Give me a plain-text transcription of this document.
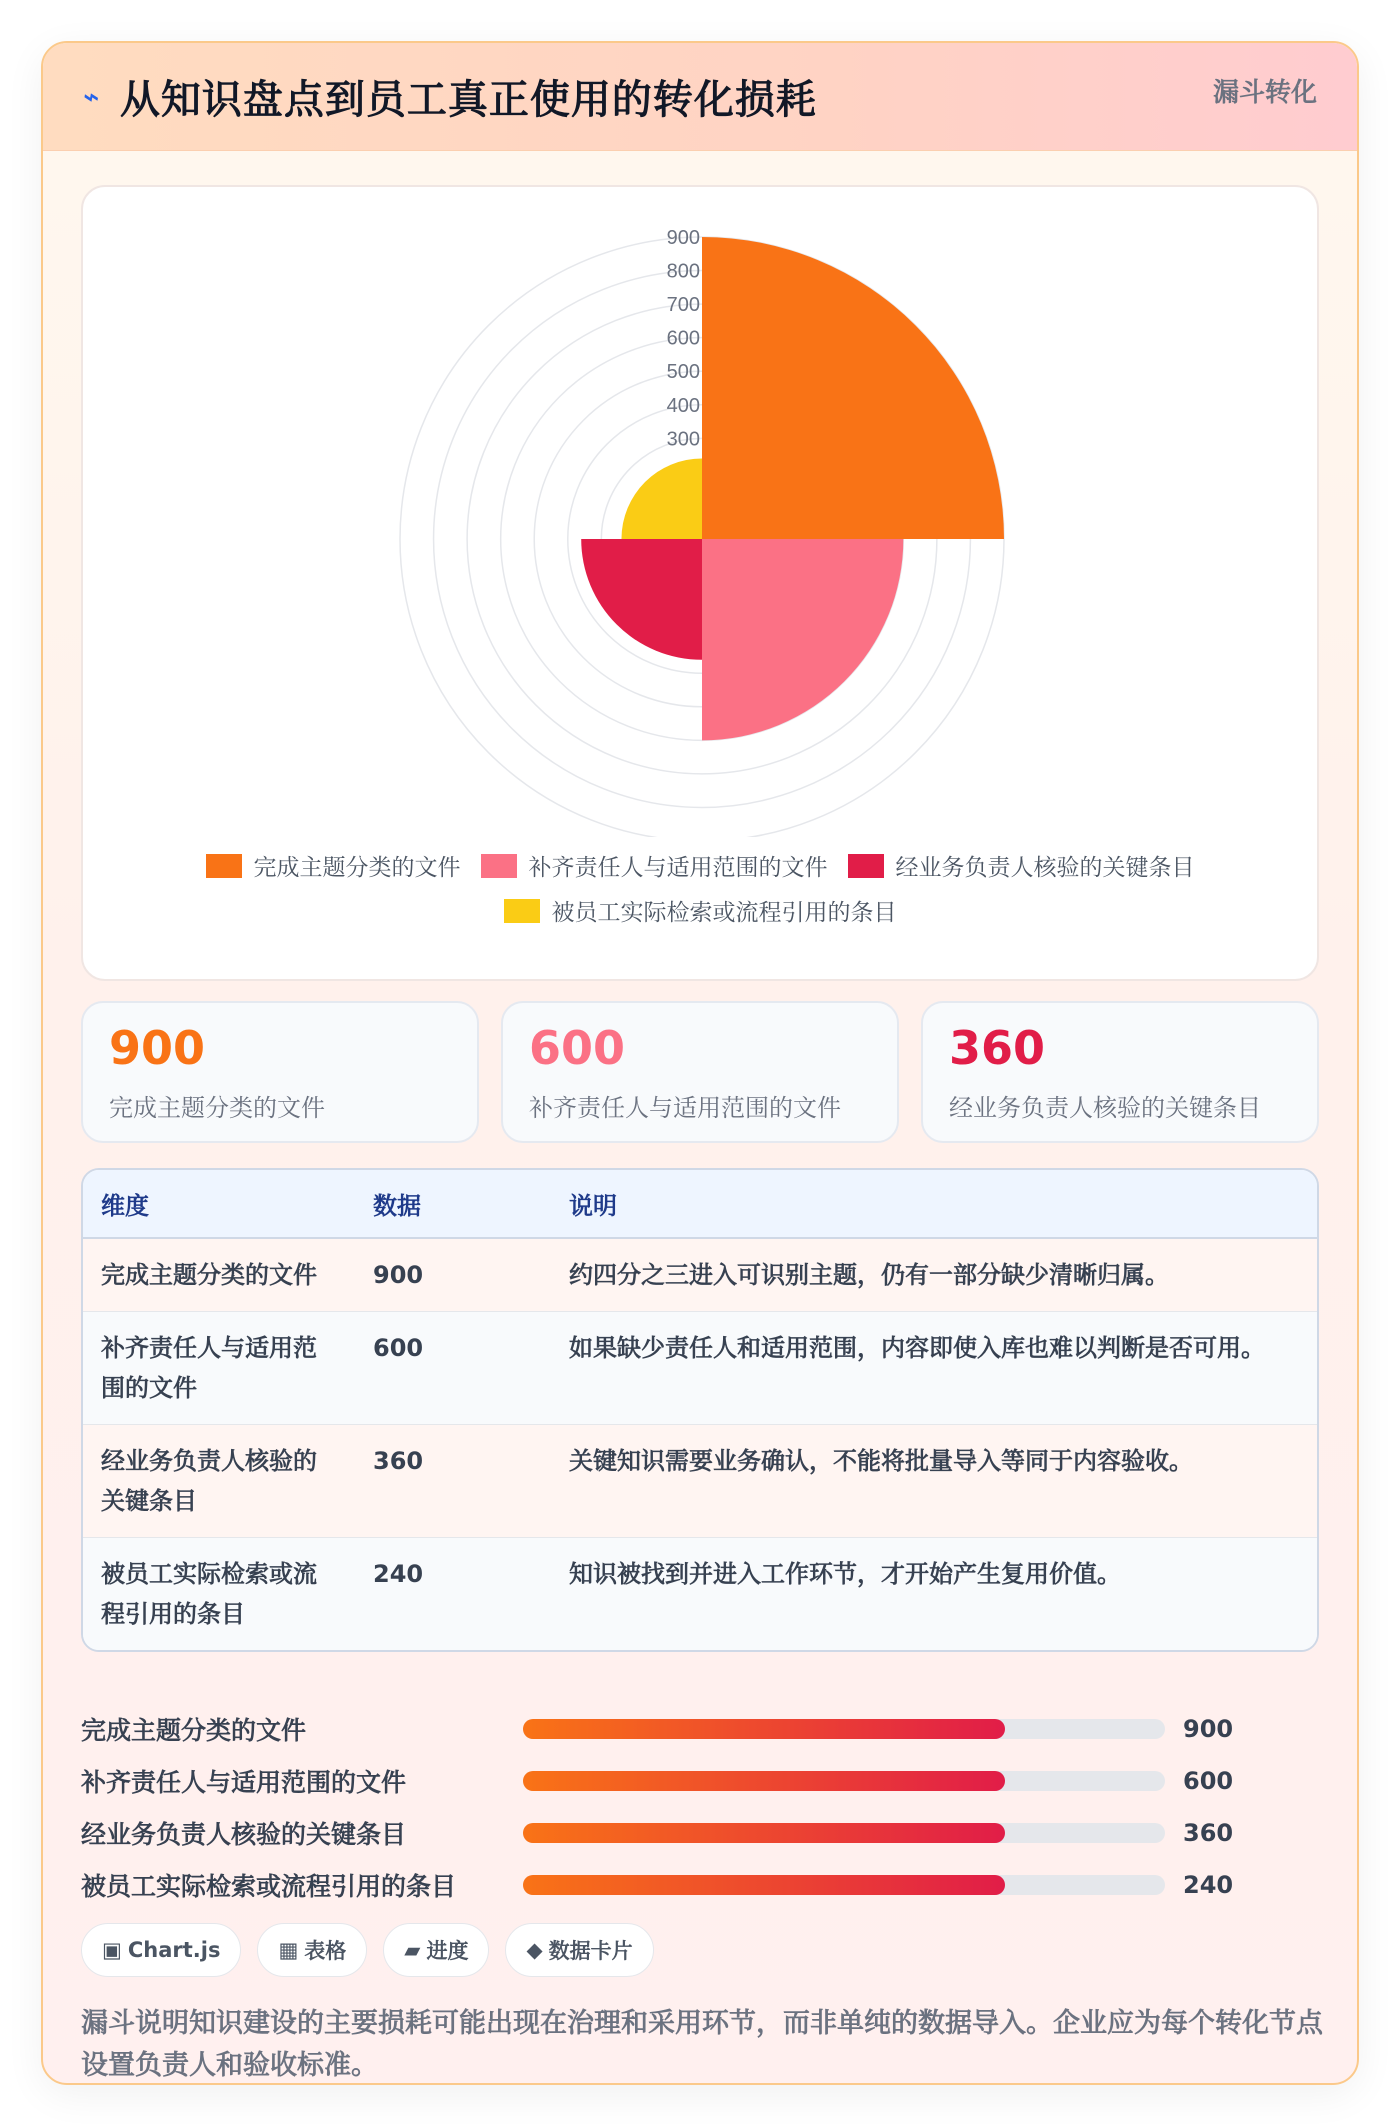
⌁ 从知识盘点到员工真正使用的转化损耗	漏斗转化
300
400
500
600
700
800
900
完成主题分类的文件	补齐责任人与适用范围的文件	经业务负责人核验的关键条目
被员工实际检索或流程引用的条目
900
完成主题分类的文件
600
补齐责任人与适用范围的文件
360
经业务负责人核验的关键条目
维度	数据	说明

完成主题分类的文件	900	约四分之三进入可识别主题，仍有一部分缺少清晰归属。

补齐责任人与适用范围的文件	600	如果缺少责任人和适用范围，内容即使入库也难以判断是否可用。

经业务负责人核验的关键条目	360	关键知识需要业务确认，不能将批量导入等同于内容验收。

被员工实际检索或流程引用的条目	240	知识被找到并进入工作环节，才开始产生复用价值。
完成主题分类的文件	900
补齐责任人与适用范围的文件	600
经业务负责人核验的关键条目	360
被员工实际检索或流程引用的条目	240
▣ Chart.js	▦ 表格	▰ 进度	◆ 数据卡片

漏斗说明知识建设的主要损耗可能出现在治理和采用环节，而非单纯的数据导入。企业应为每个转化节点设置负责人和验收标准。
